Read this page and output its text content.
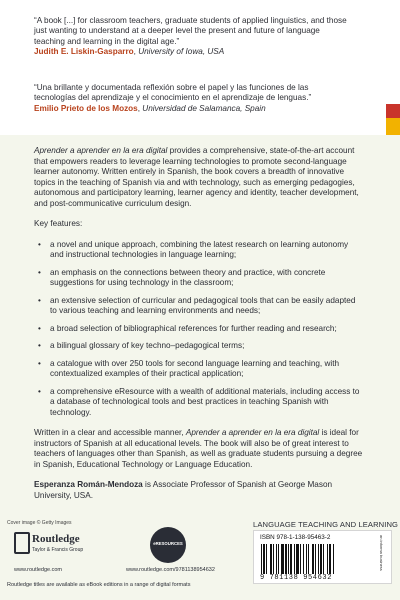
“A book [...] for classroom teachers, graduate students of applied linguistics, and those just wanting to understand at a deeper level the present and future of language teaching and learning in the digital age.”
Judith E. Liskin-Gasparro, University of Iowa, USA
“Una brillante y documentada reflexión sobre el papel y las funciones de las tecnologías del aprendizaje y el conocimiento en el aprendizaje de lenguas.”
Emilio Prieto de los Mozos, Universidad de Salamanca, Spain

Aprender a aprender en la era digital provides a comprehensive, state-of-the-art account that empowers readers to leverage learning technologies to promote second-language learner autonomy. Written entirely in Spanish, the book covers a breadth of innovative topics in the teaching of Spanish via and with technology, such as emerging pedagogies, autonomous and participatory learning, learner agency and identity, teacher development, and post-communicative curriculum design.

Key features:

• a novel and unique approach, combining the latest research on learning autonomy and instructional technologies in language learning;
• an emphasis on the connections between theory and practice, with concrete suggestions for using technology in the classroom;
• an extensive selection of curricular and pedagogical tools that can be easily adapted to various teaching and learning environments and needs;
• a broad selection of bibliographical references for further reading and research;
• a bilingual glossary of key techno–pedagogical terms;
• a catalogue with over 250 tools for second language learning and teaching, with contextualized examples of their practical application;
• a comprehensive eResource with a wealth of additional materials, including access to a database of technological tools and best practices in teaching Spanish with technology.

Written in a clear and accessible manner, Aprender a aprender en la era digital is ideal for instructors of Spanish at all educational levels. The book will also be of great interest to teachers of languages other than Spanish, as well as graduate students pursuing a degree in Spanish, Educational Technology or Language Education.

Esperanza Román-Mendoza is Associate Professor of Spanish at George Mason University, USA.

Cover image © Getty Images
Routledge
Taylor & Francis Group
www.routledge.com
eRESOURCES
www.routledge.com/9781138954632
LANGUAGE TEACHING AND LEARNING
ISBN 978-1-138-95463-2
9 781138 954632
an informa business
Routledge titles are available as eBook editions in a range of digital formats
